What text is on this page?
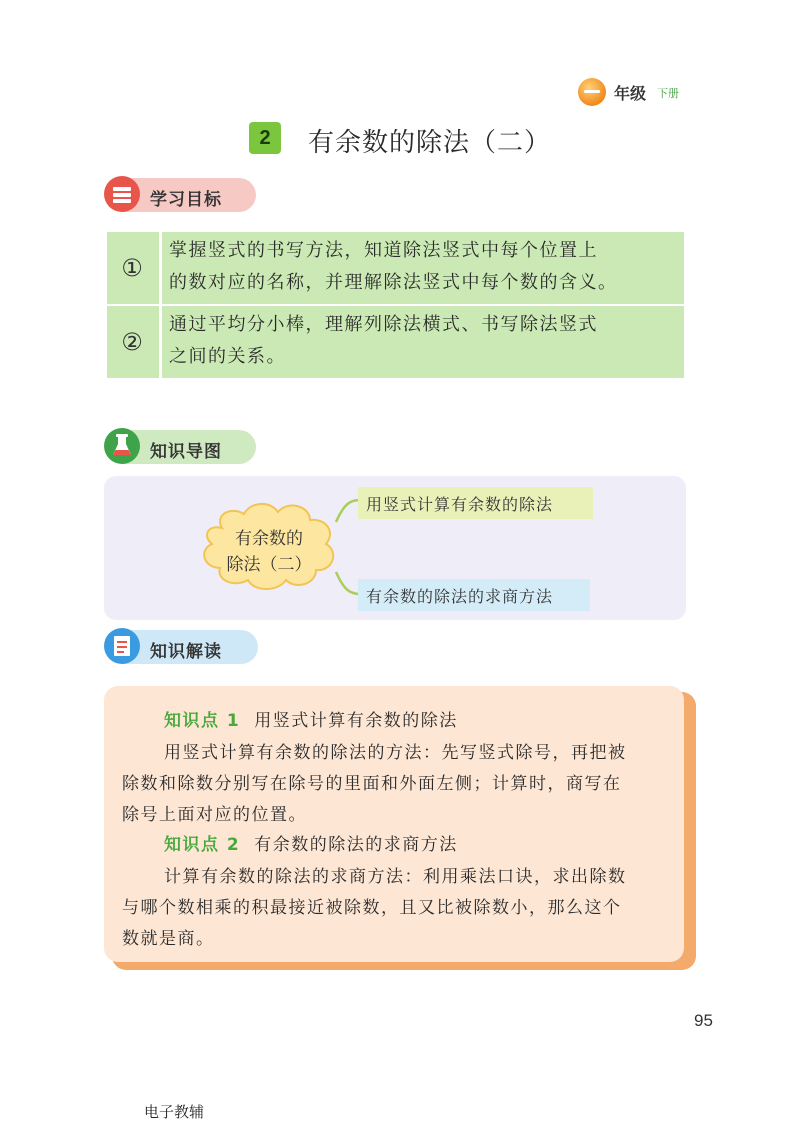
年级 下册
2	有余数的除法（二）
学习目标
①
掌握竖式的书写方法，知道除法竖式中每个位置上
的数对应的名称，并理解除法竖式中每个数的含义。
②
通过平均分小棒，理解列除法横式、书写除法竖式
之间的关系。
知识导图
有余数的
除法（二）
用竖式计算有余数的除法
有余数的除法的求商方法
知识解读
知识点 1 用竖式计算有余数的除法
用竖式计算有余数的除法的方法：先写竖式除号，再把被
除数和除数分别写在除号的里面和外面左侧；计算时，商写在
除号上面对应的位置。
知识点 2 有余数的除法的求商方法
计算有余数的除法的求商方法：利用乘法口诀，求出除数
与哪个数相乘的积最接近被除数，且又比被除数小，那么这个
数就是商。
95
电子教辅
